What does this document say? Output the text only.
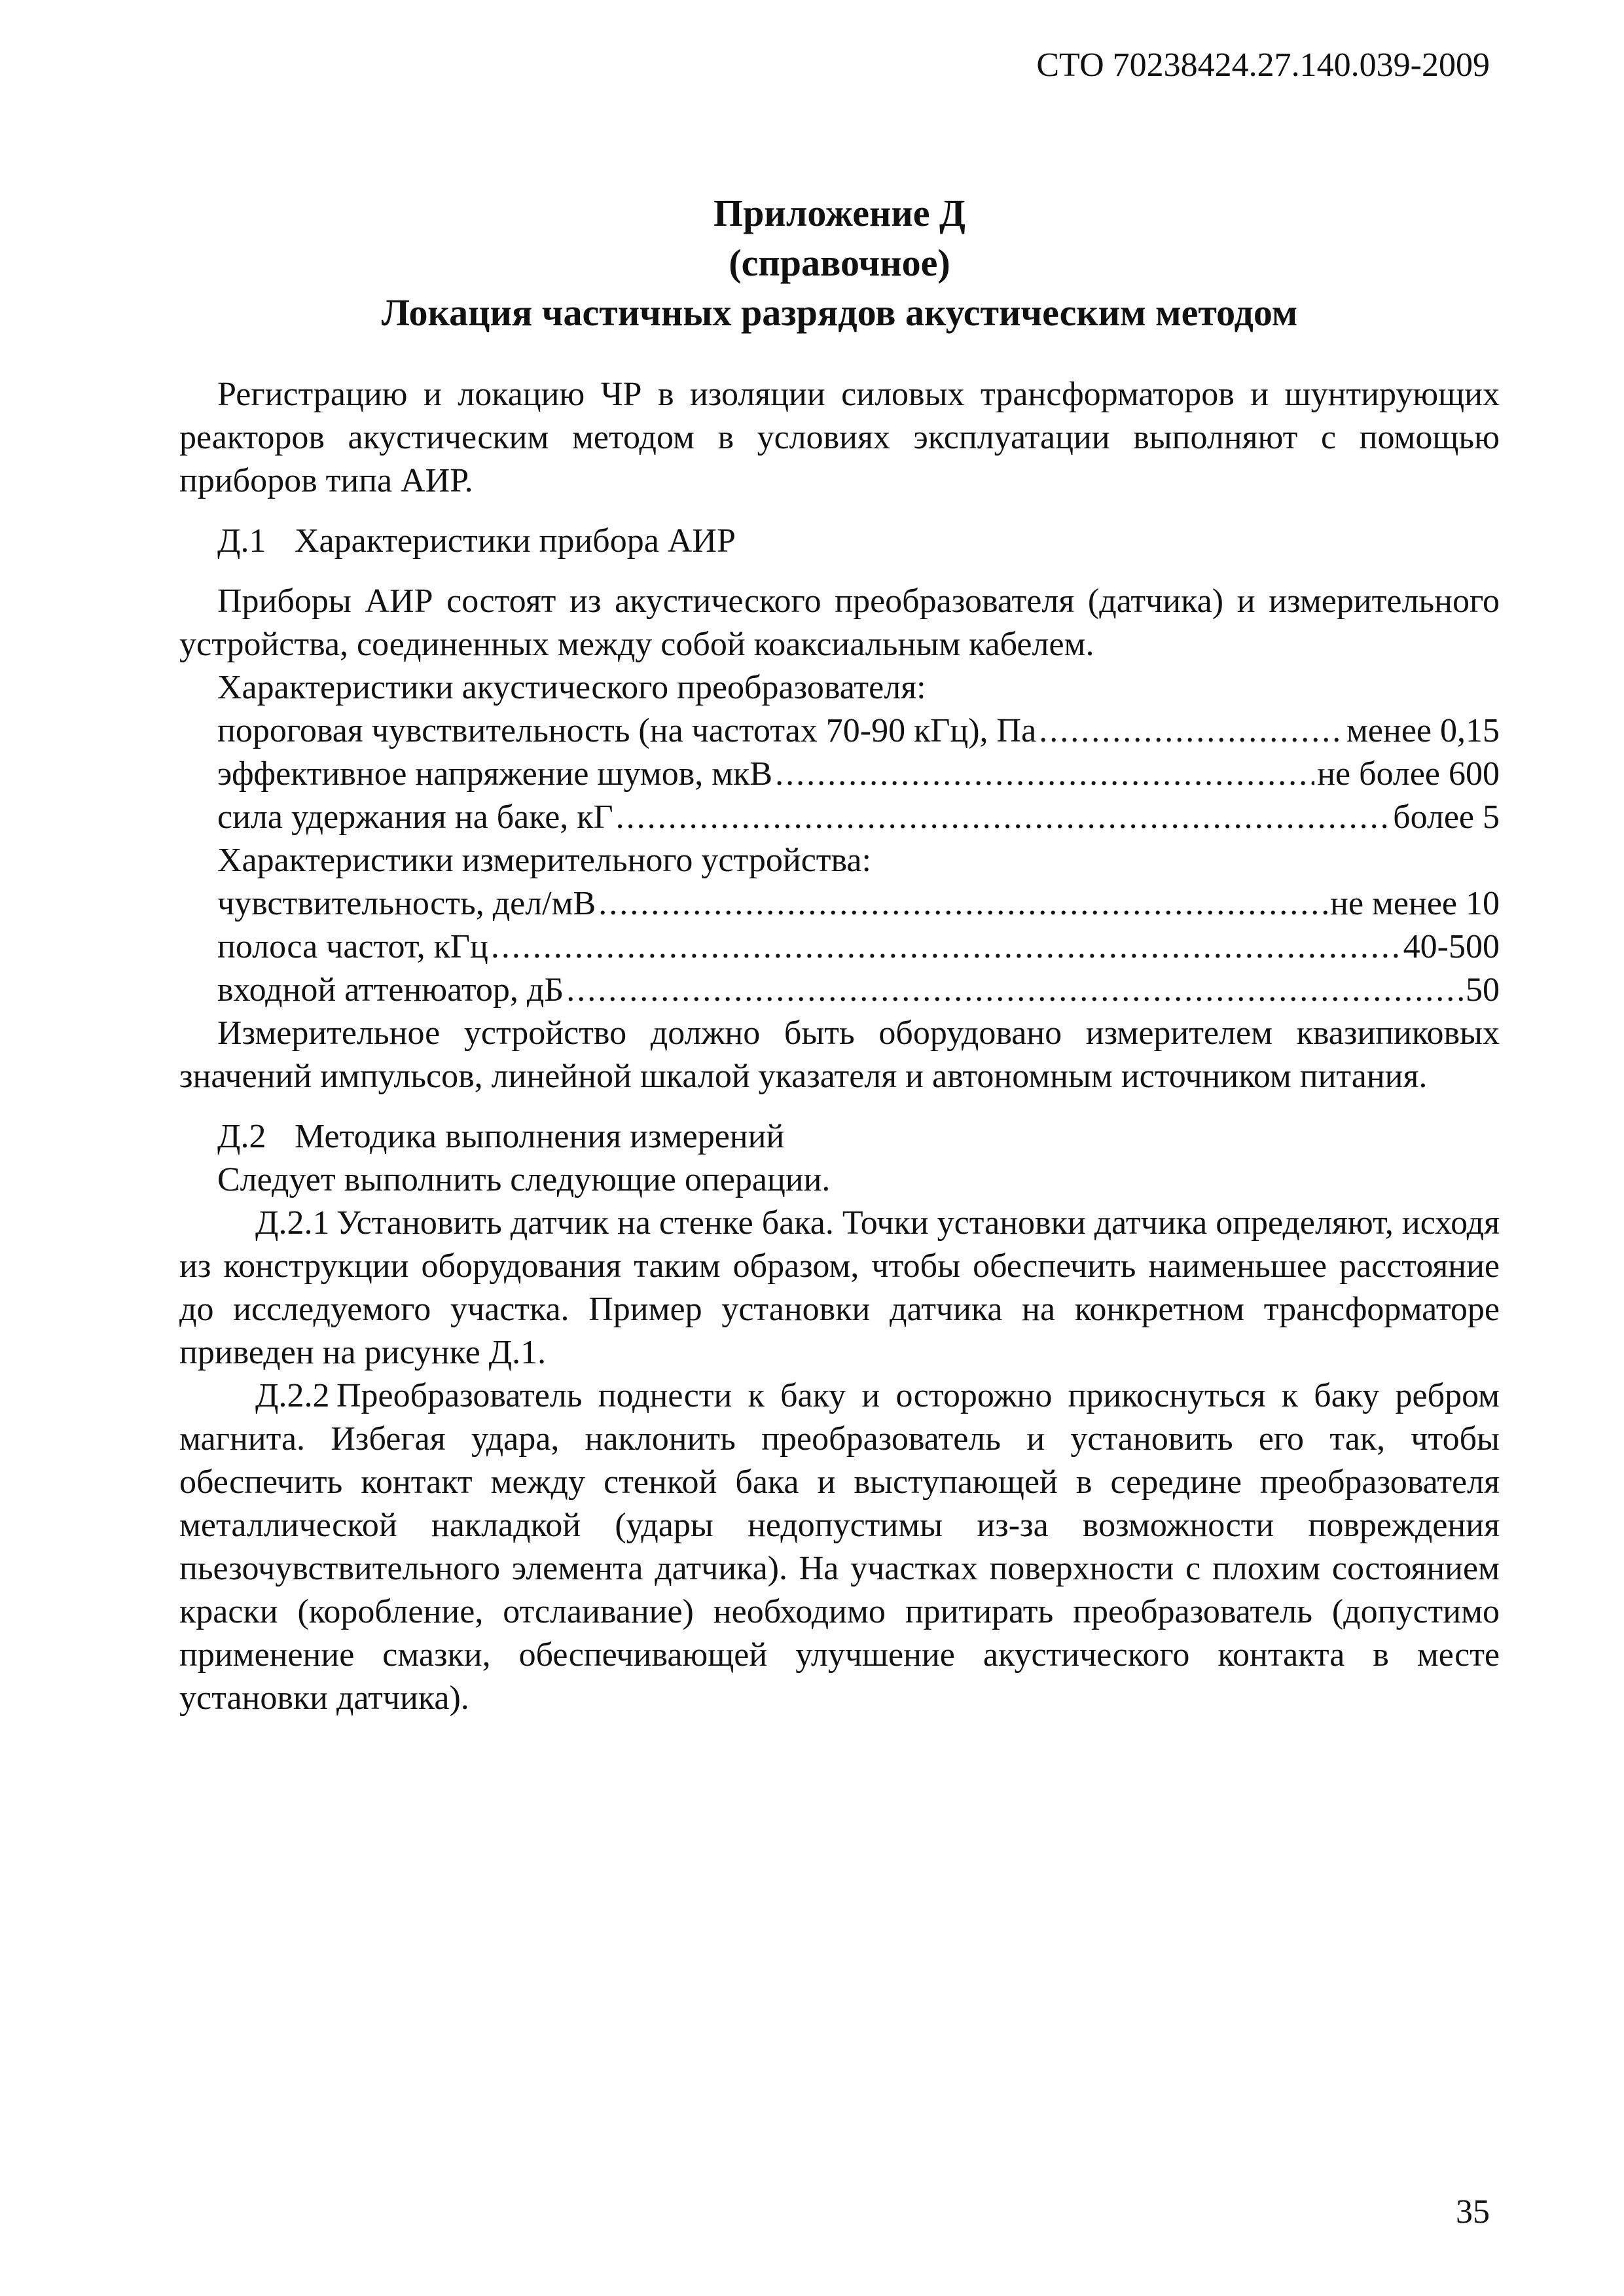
СТО 70238424.27.140.039-2009
Приложение Д
(справочное)
Локация частичных разрядов акустическим методом

Регистрацию и локацию ЧР в изоляции силовых трансформаторов и шунтирующих реакторов акустическим методом в условиях эксплуатации выполняют с помощью приборов типа АИР.

Д.1 Характеристики прибора АИР

Приборы АИР состоят из акустического преобразователя (датчика) и измерительного устройства, соединенных между собой коаксиальным кабелем.

Характеристики акустического преобразователя:

пороговая чувствительность (на частотах 70-90 кГц), Па .....	менее 0,15
эффективное напряжение шумов, мкВ .....	не более 600
сила удержания на баке, кГ .....	более 5

Характеристики измерительного устройства:

чувствительность, дел/мВ .....	не менее 10
полоса частот, кГц .....	40-500
входной аттенюатор, дБ .....	50

Измерительное устройство должно быть оборудовано измерителем квазипиковых значений импульсов, линейной шкалой указателя и автономным источником питания.

Д.2 Методика выполнения измерений

Следует выполнить следующие операции.

Д.2.1 Установить датчик на стенке бака. Точки установки датчика определяют, исходя из конструкции оборудования таким образом, чтобы обеспечить наименьшее расстояние до исследуемого участка. Пример установки датчика на конкретном трансформаторе приведен на рисунке Д.1.

Д.2.2 Преобразователь поднести к баку и осторожно прикоснуться к баку ребром магнита. Избегая удара, наклонить преобразователь и установить его так, чтобы обеспечить контакт между стенкой бака и выступающей в середине преобразователя металлической накладкой (удары недопустимы из-за возможности повреждения пьезочувствительного элемента датчика). На участках поверхности с плохим состоянием краски (коробление, отслаивание) необходимо притирать преобразователь (допустимо применение смазки, обеспечивающей улучшение акустического контакта в месте установки датчика).

35
